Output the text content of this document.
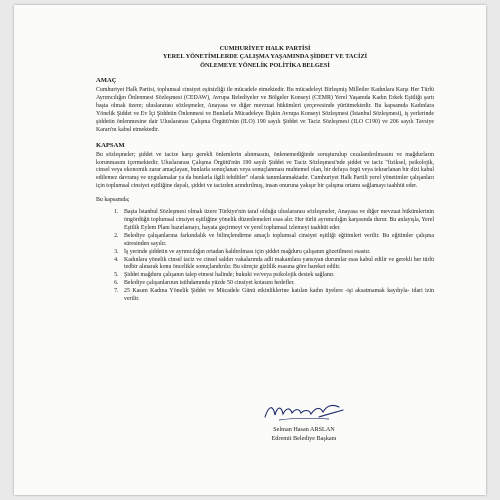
CUMHURİYET HALK PARTİSİ
YEREL YÖNETİMLERDE ÇALIŞMA YAŞAMINDA ŞİDDET VE TACİZİ
ÖNLEMEYE YÖNELİK POLİTİKA BELGESİ
AMAÇ

Cumhuriyet Halk Partisi, toplumsal cinsiyet eşitsizliği ile mücadele etmektedir. Bu mücadeleyi Birleşmiş Milletler Kadınlara Karşı Her Türlü Ayrımcılığın Önlenmesi Sözleşmesi (CEDAW), Avrupa Belediyeler ve Bölgeler Konseyi (CEMR) Yerel Yaşamda Kadın Erkek Eşitliği şartı başta olmak üzere; uluslararası sözleşmeler, Anayasa ve diğer mevzuat hükümleri çerçevesinde yürütmektedir. Bu kapsamda Kadınlara Yönelik Şiddet ve Ev İçi Şiddetin Önlenmesi ve Bunlarla Mücadeleye İlişkin Avrupa Konseyi Sözleşmesi (İstanbul Sözleşmesi), iş yerlerinde şiddetin önlenmesine dair Uluslararası Çalışma Örgütü'nün (ILO) 190 sayılı Şiddet ve Taciz Sözleşmesi (ILO C190) ve 206 sayılı Tavsiye Kararı'nı kabul etmektedir.

KAPSAM

Bu sözleşmeler; şiddet ve tacize karşı gerekli önlemlerin alınmasını, önlenemediğinde soruşturulup cezalandırılmasını ve mağdurların korunmasını içermektedir. Uluslararası Çalışma Örgütü'nün 190 sayılı Şiddet ve Taciz Sözleşmesi'nde şiddet ve taciz "fiziksel, psikolojik, cinsel veya ekonomik zarar amaçlayan, bunlarla sonuçlanan veya sonuçlanması muhtemel olan, bir defaya örgü veya tekrarlanan bir dizi kabul edilemez davranış ve uygulamalar ya da bunlarla ilgili tehditler" olarak tanımlanmaktadır. Cumhuriyet Halk Partili yerel yönetimler çalışanları için toplumsal cinsiyet eşitliğine dayalı, şiddet ve tacizden arındırılmış, insan onuruna yakışır bir çalışma ortamı sağlamayı taahhüt eder.

Bu kapsamda;

1. Başta İstanbul Sözleşmesi olmak üzere Türkiye'nin taraf olduğu uluslararası sözleşmeler, Anayasa ve diğer mevzuat hükümlerinin öngördüğü toplumsal cinsiyet eşitliğine yönelik düzenlemeleri esas alır. Her türlü ayrımcılığın karşısında durur. Bu anlayışla, Yerel Eşitlik Eylem Planı hazırlamayı, hayata geçirmeyi ve yerel toplumsal izlemeyi taahhüt eder.
2. Belediye çalışanlarına farkındalık ve bilinçlendirme amaçlı toplumsal cinsiyet eşitliği eğitimleri verilir. Bu eğitimler çalışma süresinden sayılır.
3. İş yerinde şiddetin ve ayrımcılığın ortadan kaldırılması için şiddet mağduru çalışanın gözetilmesi esastır.
4. Kadınlara yönelik cinsel taciz ve cinsel saldırı vakalarında adli makamlara yansıyan durumlar esas kabul edilir ve gerekli her türlü tedbir alınarak konu öncelikle sonuçlandırılır. Bu süreçte gizlilik esasına göre hareket edilir.
5. Şiddet mağduru çalışanın talep etmesi halinde; hukuki ve/veya psikolojik destek sağlanır.
6. Belediye çalışanlarının istihdamında yüzde 50 cinsiyet kotasını hedefler.
7. 25 Kasım Kadına Yönelik Şiddet ve Mücadele Günü etkinliklerine katılan kadın üyelere -işi aksatmamak kaydıyla- idari izin verilir.
Selman Hasan ARSLAN
Edremit Belediye Başkanı
